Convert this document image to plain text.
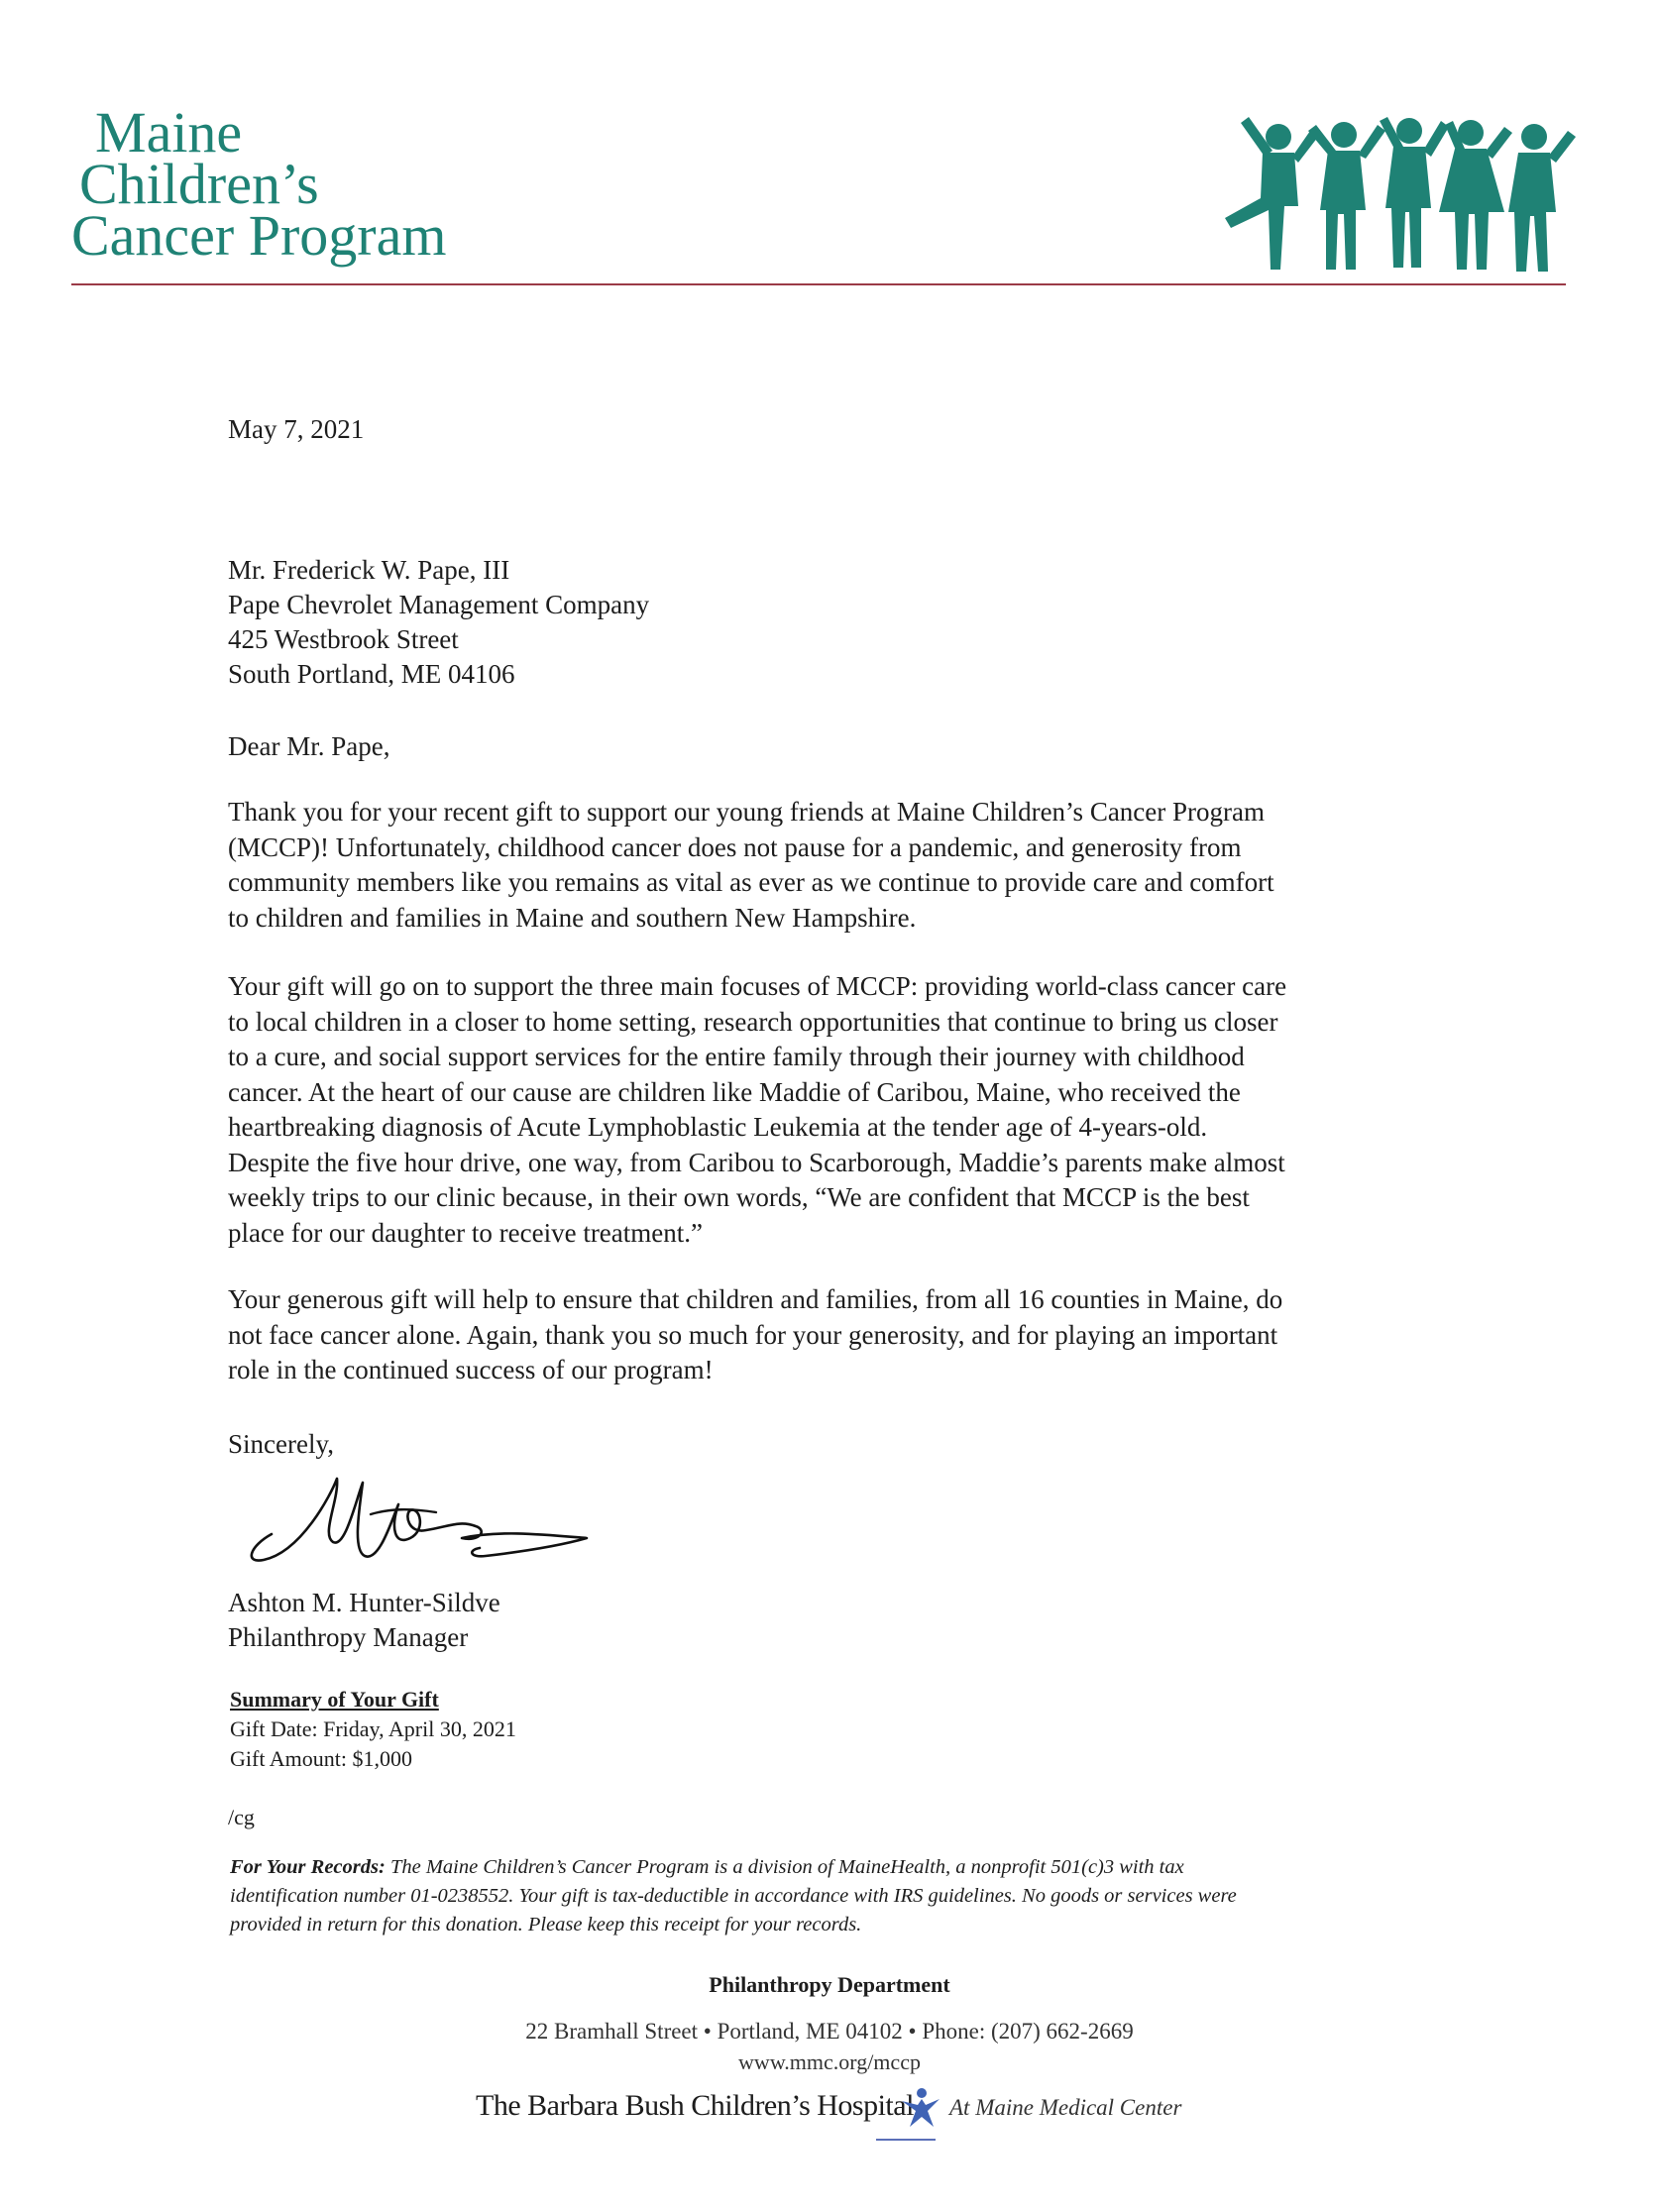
Maine
Children’s
Cancer Program
May 7, 2021
Mr. Frederick W. Pape, III
Pape Chevrolet Management Company
425 Westbrook Street
South Portland, ME 04106
Dear Mr. Pape,
Thank you for your recent gift to support our young friends at Maine Children’s Cancer Program
(MCCP)! Unfortunately, childhood cancer does not pause for a pandemic, and generosity from
community members like you remains as vital as ever as we continue to provide care and comfort
to children and families in Maine and southern New Hampshire.
Your gift will go on to support the three main focuses of MCCP: providing world-class cancer care
to local children in a closer to home setting, research opportunities that continue to bring us closer
to a cure, and social support services for the entire family through their journey with childhood
cancer. At the heart of our cause are children like Maddie of Caribou, Maine, who received the
heartbreaking diagnosis of Acute Lymphoblastic Leukemia at the tender age of 4-years-old.
Despite the five hour drive, one way, from Caribou to Scarborough, Maddie’s parents make almost
weekly trips to our clinic because, in their own words, “We are confident that MCCP is the best
place for our daughter to receive treatment.”
Your generous gift will help to ensure that children and families, from all 16 counties in Maine, do
not face cancer alone. Again, thank you so much for your generosity, and for playing an important
role in the continued success of our program!
Sincerely,
Ashton M. Hunter-Sildve
Philanthropy Manager
Summary of Your Gift
Gift Date: Friday, April 30, 2021
Gift Amount: $1,000
/cg
For Your Records: The Maine Children’s Cancer Program is a division of MaineHealth, a nonprofit 501(c)3 with tax
identification number 01-0238552. Your gift is tax-deductible in accordance with IRS guidelines. No goods or services were
provided in return for this donation. Please keep this receipt for your records.
Philanthropy Department
22 Bramhall Street • Portland, ME 04102 • Phone: (207) 662-2669
www.mmc.org/mccp
The Barbara Bush Children’s Hospital At Maine Medical Center
